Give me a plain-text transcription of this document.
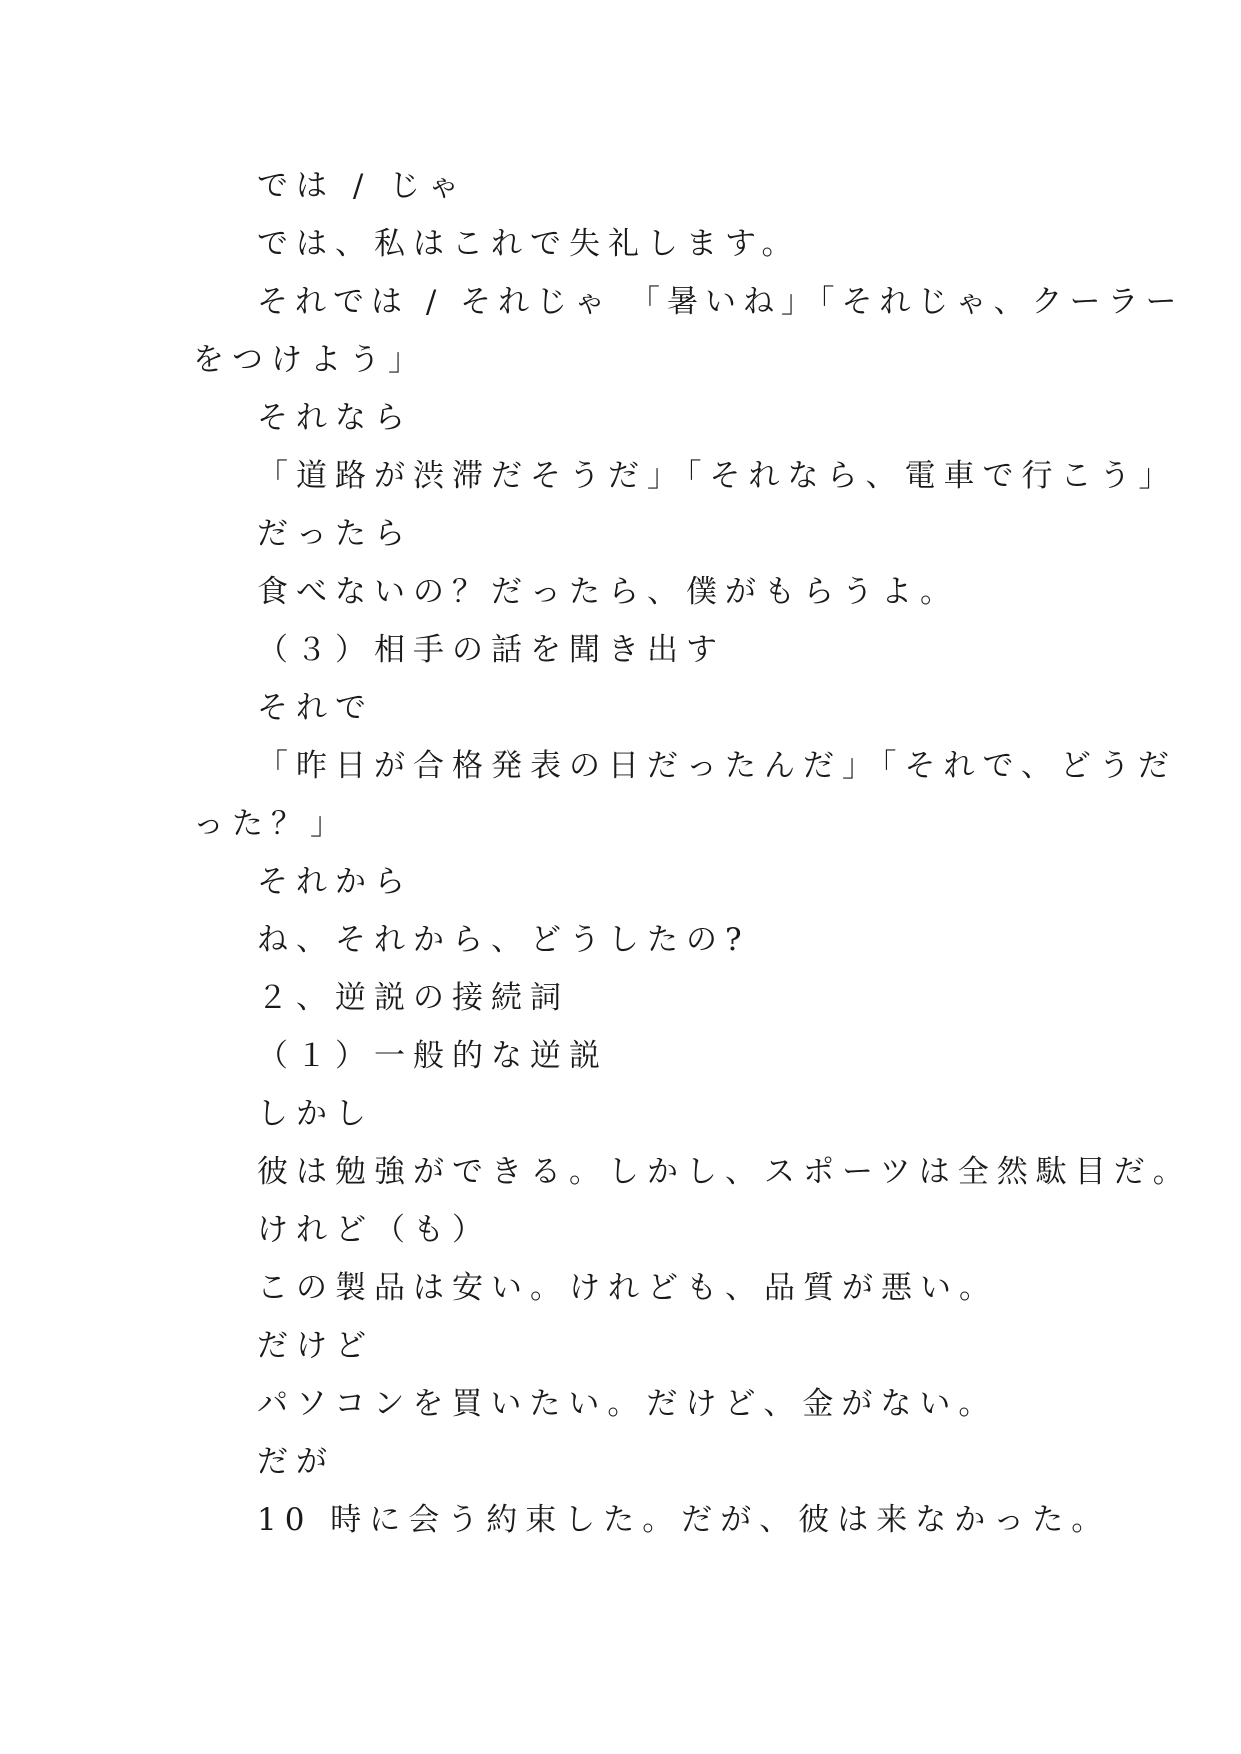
では / じゃ
では、私はこれで失礼します。
それでは / それじゃ 「暑いね」「それじゃ、クーラー
をつけよう」
それなら
「道路が渋滞だそうだ」「それなら、電車で行こう」
だったら
食べないの？だったら、僕がもらうよ。
（３）相手の話を聞き出す
それで
「昨日が合格発表の日だったんだ」「それで、どうだ
った？」
それから
ね、それから、どうしたの?
２、逆説の接続詞
（１）一般的な逆説
しかし
彼は勉強ができる。しかし、スポーツは全然駄目だ。
けれど（も）
この製品は安い。けれども、品質が悪い。
だけど
パソコンを買いたい。だけど、金がない。
だが
10 時に会う約束した。だが、彼は来なかった。
